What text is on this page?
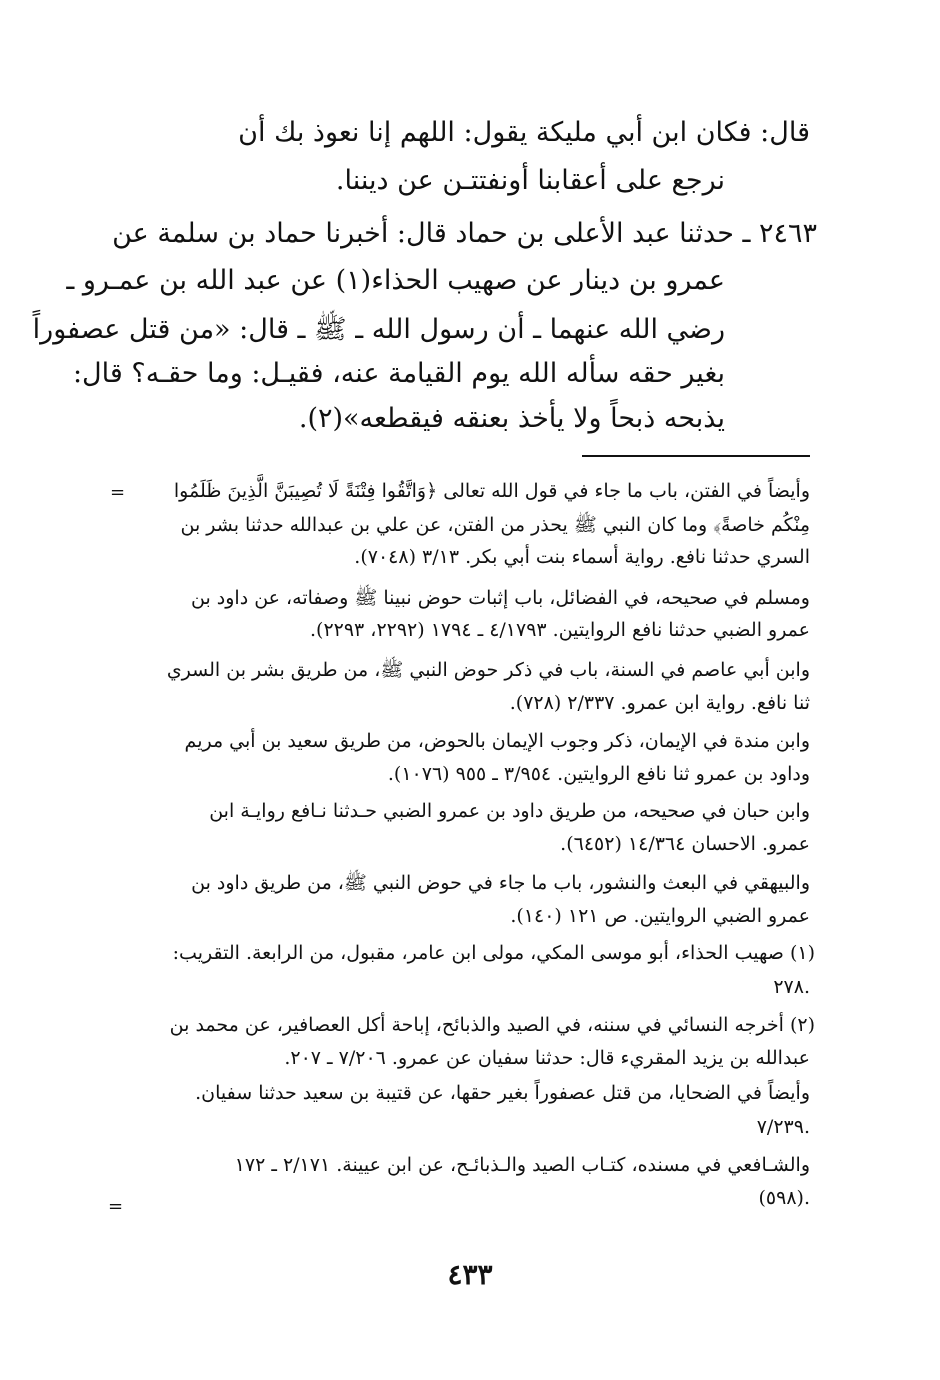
قال: فكان ابن أبي مليكة يقول: اللهم إنا نعوذ بك أن
نرجع على أعقابنا أونفتتـن عن ديننا.
٢٤٦٣ ـ حدثنا عبد الأعلى بن حماد قال: أخبرنا حماد بن سلمة عن
عمرو بن دينار عن صهيب الحذاء(١) عن عبد الله بن عمـرو ـ
رضي الله عنهما ـ أن رسول الله ـ ﷺ ـ قال: «من قتل عصفوراً
بغير حقه سأله الله يوم القيامة عنه، فقيـل: وما حقـه؟ قال:
يذبحه ذبحاً ولا يأخذ بعنقه فيقطعه»(٢).
=	وأيضاً في الفتن، باب ما جاء في قول الله تعالى ﴿وَاتَّقُوا فِتْنَةً لَا تُصِيبَنَّ الَّذِينَ ظَلَمُوا
مِنْكُم خاصةً﴾ وما كان النبي ﷺ يحذر من الفتن، عن علي بن عبدالله حدثنا بشر بن
السري حدثنا نافع. رواية أسماء بنت أبي بكر. ٣/١٣ (٧٠٤٨).
ومسلم في صحيحه، في الفضائل، باب إثبات حوض نبينا ﷺ وصفاته، عن داود بن
عمرو الضبي حدثنا نافع الروايتين. ٤/١٧٩٣ ـ ١٧٩٤ (٢٢٩٢، ٢٢٩٣).
وابن أبي عاصم في السنة، باب في ذكر حوض النبي ﷺ، من طريق بشر بن السري
ثنا نافع. رواية ابن عمرو. ٢/٣٣٧ (٧٢٨).
وابن مندة في الإيمان، ذكر وجوب الإيمان بالحوض، من طريق سعيد بن أبي مريم
وداود بن عمرو ثنا نافع الروايتين. ٣/٩٥٤ ـ ٩٥٥ (١٠٧٦).
وابن حبان في صحيحه، من طريق داود بن عمرو الضبي حـدثنا نـافع روايـة ابن
عمرو. الاحسان ١٤/٣٦٤ (٦٤٥٢).
والبيهقي في البعث والنشور، باب ما جاء في حوض النبي ﷺ، من طريق داود بن
عمرو الضبي الروايتين. ص ١٢١ (١٤٠).
(١) صهيب الحذاء، أبو موسى المكي، مولى ابن عامر، مقبول، من الرابعة. التقريب:
٢٧٨.
(٢) أخرجه النسائي في سننه، في الصيد والذبائح، إباحة أكل العصافير، عن محمد بن
عبدالله بن يزيد المقريء قال: حدثنا سفيان عن عمرو. ٧/٢٠٦ ـ ٢٠٧.
وأيضاً في الضحايا، من قتل عصفوراً بغير حقها، عن قتيبة بن سعيد حدثنا سفيان.
٧/٢٣٩.
والشـافعي في مسنده، كتـاب الصيد والـذبائـح، عن ابن عيينة. ٢/١٧١ ـ ١٧٢
(٥٩٨).
=
٤٣٣
